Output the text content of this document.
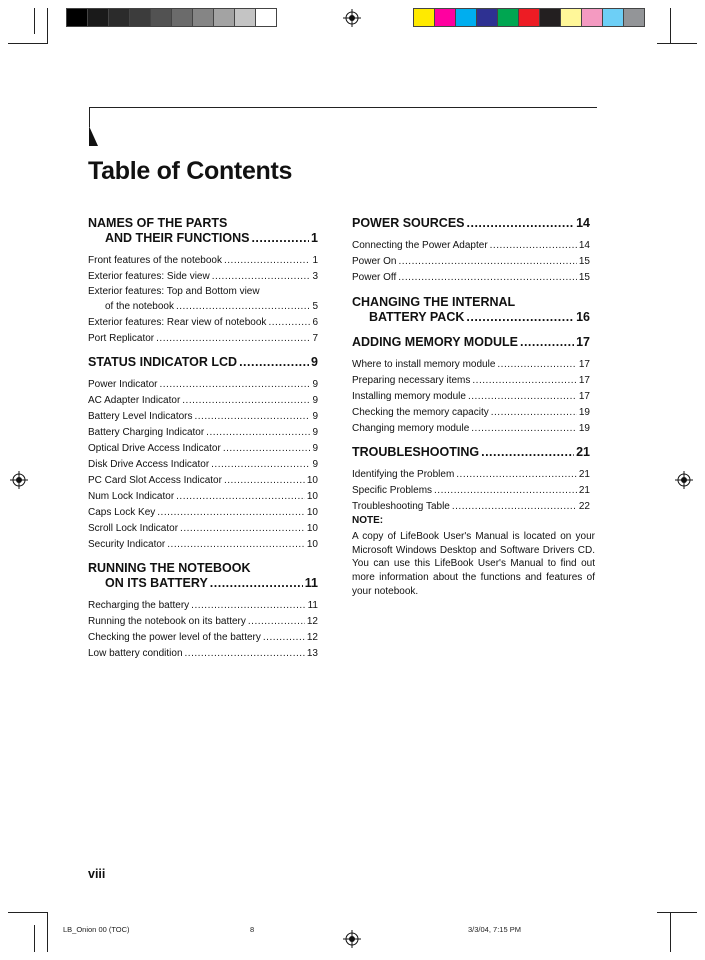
Table of Contents
NAMES OF THE PARTS
AND THEIR FUNCTIONS .....	1
Front features of the notebook .....	1
Exterior features: Side view .....	3
Exterior features: Top and Bottom view
of the notebook .....	5
Exterior features: Rear view of notebook .....	6
Port Replicator .....	7
STATUS INDICATOR LCD .....	9
Power Indicator .....	9
AC Adapter Indicator .....	9
Battery Level Indicators .....	9
Battery Charging Indicator .....	9
Optical Drive Access Indicator .....	9
Disk Drive Access Indicator .....	9
PC Card Slot Access Indicator .....	10
Num Lock Indicator .....	10
Caps Lock Key .....	10
Scroll Lock Indicator .....	10
Security Indicator .....	10
RUNNING THE NOTEBOOK
ON ITS BATTERY .....	11
Recharging the battery .....	11
Running the notebook on its battery .....	12
Checking the power level of the battery .....	12
Low battery condition .....	13
POWER SOURCES .....	14
Connecting the Power Adapter .....	14
Power On .....	15
Power Off .....	15
CHANGING THE INTERNAL
BATTERY PACK .....	16
ADDING MEMORY MODULE .....	17
Where to install memory module .....	17
Preparing necessary items .....	17
Installing memory module .....	17
Checking the memory capacity .....	19
Changing memory module .....	19
TROUBLESHOOTING .....	21
Identifying the Problem .....	21
Specific Problems .....	21
Troubleshooting Table .....	22
NOTE:
A copy of LifeBook User's Manual is located on your Microsoft Windows Desktop and Software Drivers CD. You can use this LifeBook User's Manual to find out more information about the functions and features of your notebook.
viii
LB_Onion 00 (TOC)	8	3/3/04, 7:15 PM
